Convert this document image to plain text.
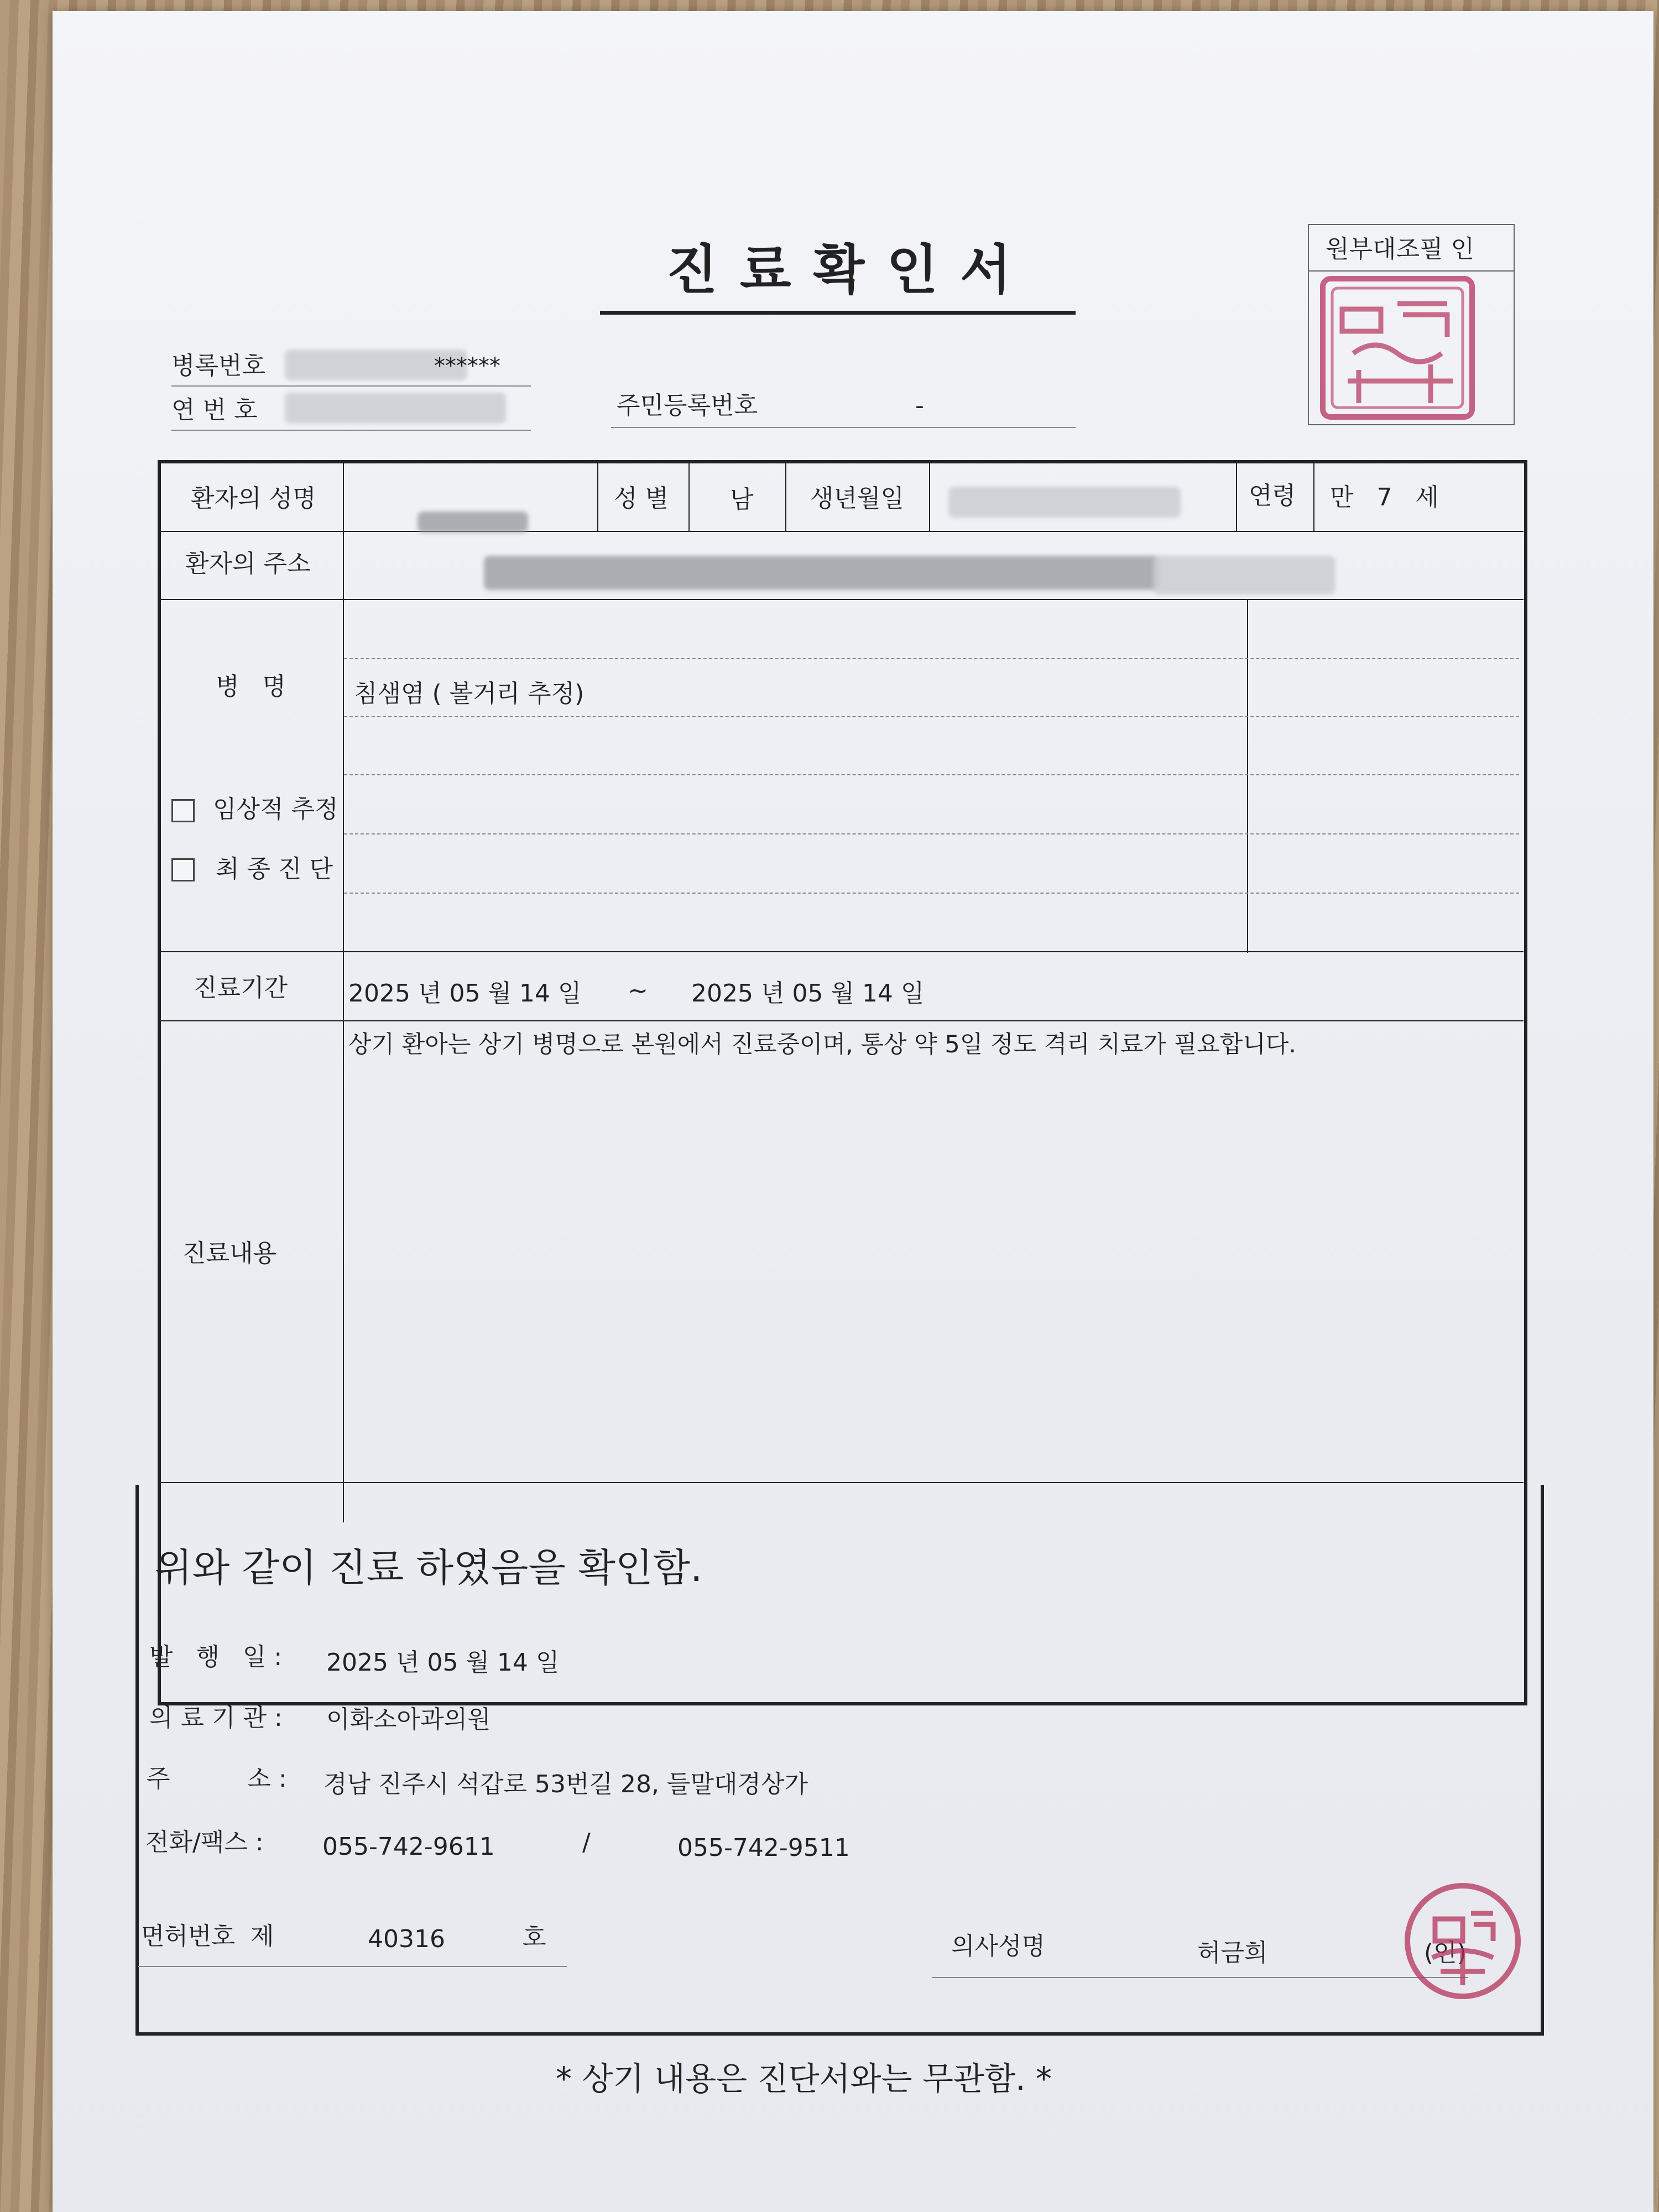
진료확인서	원부대조필 인
병록번호	******
연 번 호	주민등록번호	-
환자의 성명	성 별	남 생년월일	연령 만   7   세
환자의 주소
병   명	침샘염 ( 볼거리 추정)
임상적 추정
최 종 진 단
진료기간 2025 년 05 월 14 일 ~ 2025 년 05 월 14 일
진료내용
상기 환아는 상기 병명으로 본원에서 진료중이며, 통상 약 5일 정도 격리 치료가 필요합니다.
위와 같이 진료 하였음을 확인함.
발   행   일 : 2025 년 05 월 14 일
의 료 기 관 : 이화소아과의원
주          소 : 경남 진주시 석갑로 53번길 28, 들말대경상가
전화/팩스 : 055-742-9611	/	055-742-9511
면허번호  제	40316	호	의사성명	허금희	(인)
* 상기 내용은 진단서와는 무관함. *
